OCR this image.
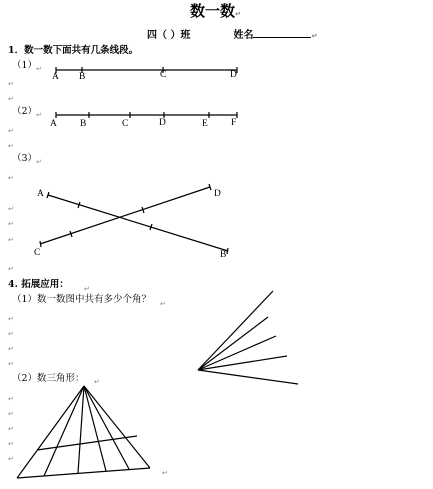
数一数↵
四（ ）班	姓名	↵
1．数一数下面共有几条线段。
（1）
（2）
（3）
A B	C	D
A B	C	D	E F
A	D
C	B
4. 拓展应用：
（1）数一数图中共有多少个角？
（2）数三角形：
↵
↵
↵
↵
↵
↵
↵
↵
↵
↵
↵
↵
↵
↵
↵
↵
↵
↵
↵
↵
↵
↵
↵
↵
↵
